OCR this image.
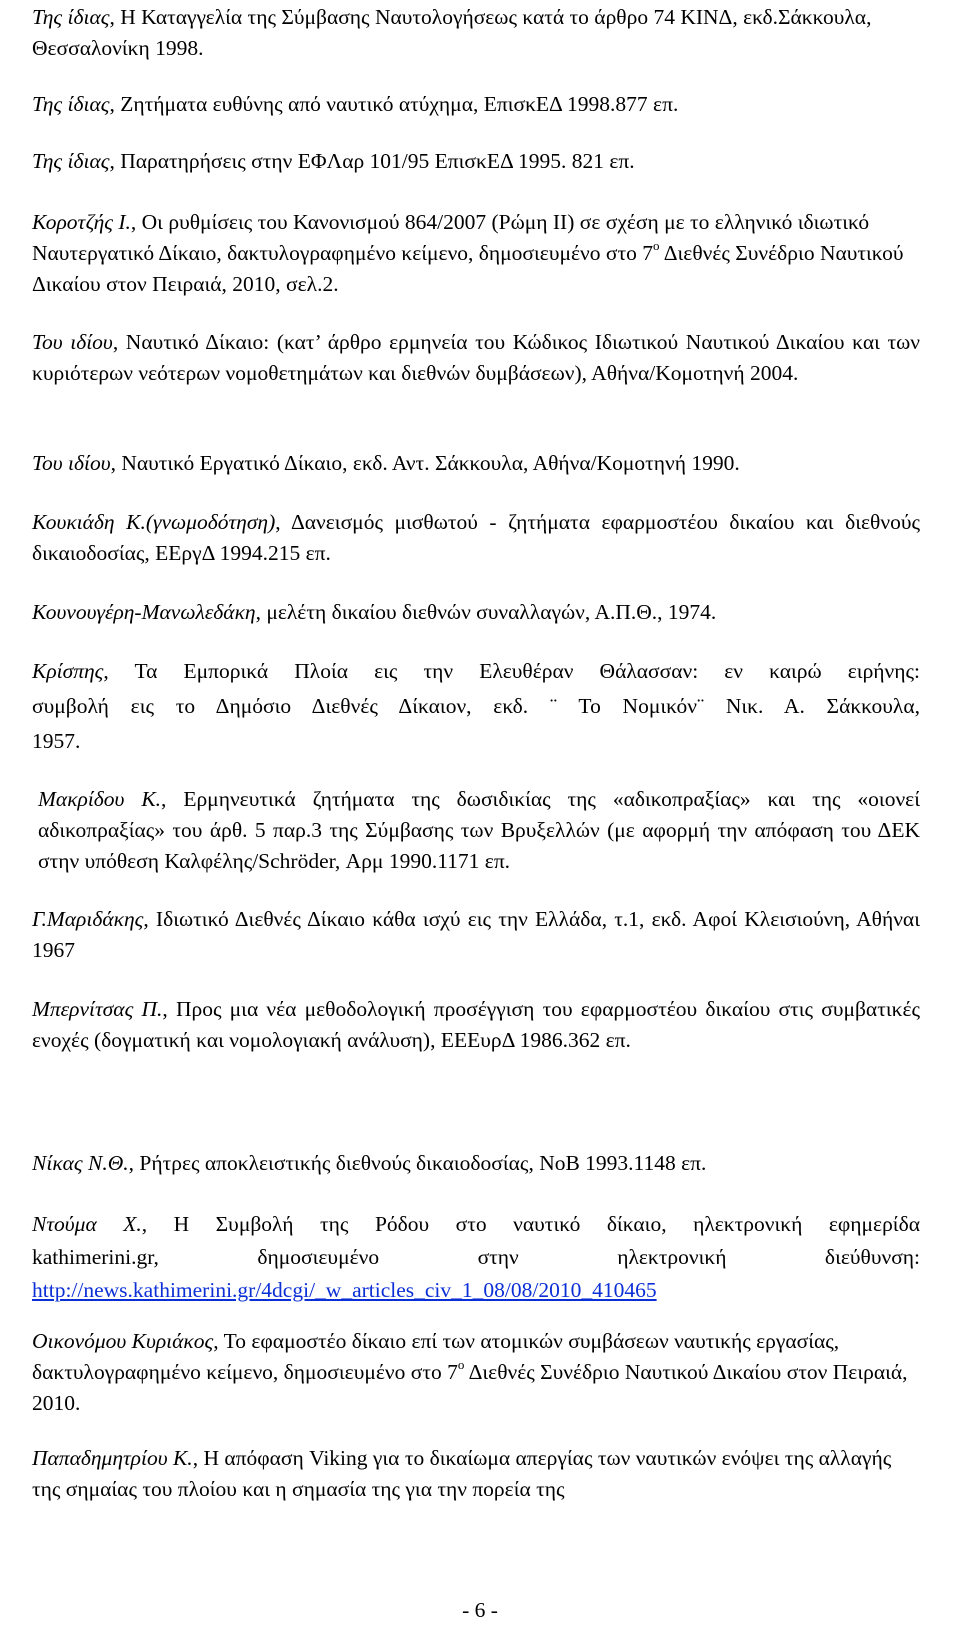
Της ίδιας, Η Καταγγελία της Σύμβασης Ναυτολογήσεως κατά το άρθρο 74 ΚΙΝΔ, εκδ.Σάκκουλα, Θεσσαλονίκη 1998.

Της ίδιας, Ζητήματα ευθύνης από ναυτικό ατύχημα, ΕπισκΕΔ 1998.877 επ.

Της ίδιας, Παρατηρήσεις στην ΕΦΛαρ 101/95 ΕπισκΕΔ 1995. 821 επ.

Κοροτζής Ι., Οι ρυθμίσεις του Κανονισμού 864/2007 (Ρώμη ΙΙ) σε σχέση με το ελληνικό ιδιωτικό Ναυτεργατικό Δίκαιο, δακτυλογραφημένο κείμενο, δημοσιευμένο στο $7^o$ Διεθνές Συνέδριο Ναυτικού Δικαίου στον Πειραιά, 2010, σελ.2.

Του ιδίου, Ναυτικό Δίκαιο: (κατ’ άρθρο ερμηνεία του Κώδικος Ιδιωτικού Ναυτικού Δικαίου και των κυριότερων νεότερων νομοθετημάτων και διεθνών δυμβάσεων), Αθήνα/Κομοτηνή 2004.

Του ιδίου, Ναυτικό Εργατικό Δίκαιο, εκδ. Αντ. Σάκκουλα, Αθήνα/Κομοτηνή 1990.

Κουκιάδη Κ.(γνωμοδότηση), Δανεισμός μισθωτού - ζητήματα εφαρμοστέου δικαίου και διεθνούς δικαιοδοσίας, ΕΕργΔ 1994.215 επ.

Κουνουγέρη-Μανωλεδάκη, μελέτη δικαίου διεθνών συναλλαγών, Α.Π.Θ., 1974.

Κρίσπης, Τα Εμπορικά Πλοία εις την Ελευθέραν Θάλασσαν: εν καιρώ ειρήνης:
συμβολή εις το Δημόσιο Διεθνές Δίκαιον, εκδ. ¨ Το Νομικόν¨ Νικ. Α. Σάκκουλα,
1957.

Μακρίδου Κ., Ερμηνευτικά ζητήματα της δωσιδικίας της «αδικοπραξίας» και της «οιονεί αδικοπραξίας» του άρθ. 5 παρ.3 της Σύμβασης των Βρυξελλών (με αφορμή την απόφαση του ΔΕΚ στην υπόθεση Καλφέλης/Schröder, Αρμ 1990.1171 επ.

Γ.Μαριδάκης, Ιδιωτικό Διεθνές Δίκαιο κάθα ισχύ εις την Ελλάδα, τ.1, εκδ. Αφοί Κλεισιούνη, Αθήναι 1967

Μπερνίτσας Π., Προς μια νέα μεθοδολογική προσέγγιση του εφαρμοστέου δικαίου στις συμβατικές ενοχές (δογματική και νομολογιακή ανάλυση), ΕΕΕυρΔ 1986.362 επ.

Νίκας Ν.Θ., Ρήτρες αποκλειστικής διεθνούς δικαιοδοσίας, ΝοΒ 1993.1148 επ.

Ντούμα Χ., Η Συμβολή της Ρόδου στο ναυτικό δίκαιο, ηλεκτρονική εφημερίδα
kathimerini.gr, δημοσιευμένο στην ηλεκτρονική διεύθυνση:
http://news.kathimerini.gr/4dcgi/_w_articles_civ_1_08/08/2010_410465

Οικονόμου Κυριάκος, Το εφαμοστέο δίκαιο επί των ατομικών συμβάσεων ναυτικής εργασίας, δακτυλογραφημένο κείμενο, δημοσιευμένο στο $7^o$ Διεθνές Συνέδριο Ναυτικού Δικαίου στον Πειραιά, 2010.

Παπαδημητρίου Κ., Η απόφαση Viking για το δικαίωμα απεργίας των ναυτικών ενόψει της αλλαγής της σημαίας του πλοίου και η σημασία της για την πορεία της

- 6 -
